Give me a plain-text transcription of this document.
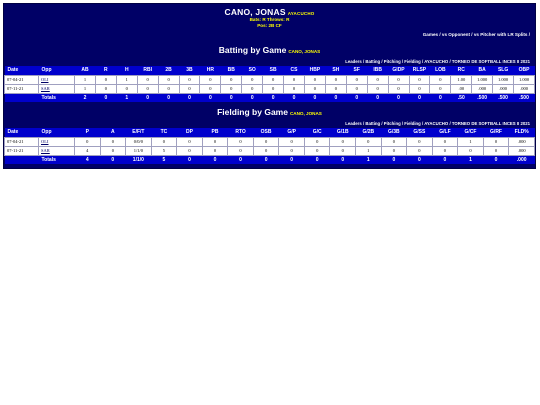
CANO, JONAS AYACUCHO
Bats: R Throws: R
Pos: 2B CF
Games / vs Opponent / vs Pitcher with LR Splits /
Batting by Game CANO, JONAS
Leaders / Batting / Pitching / Fielding / AYACUCHO / TORNEO DE SOFTBALL INCES II 2021
Date	Opp	AB	R	H	RBI	2B	3B	HR	BB	SO	SB	CS	HBP	SH	SF	IBB	GIDP	RLSP	LOB	RC	BA	SLG	OBP
07-04-21	OLI	1	0	1	0	0	0	0	0	0	0	0	0	0	0	0	0	0	0	1.00	1.000	1.000	1.000
07-11-21	SAR	1	0	0	0	0	0	0	0	0	0	0	0	0	0	0	0	0	0	.00	.000	.000	.000
	Totals	2	0	1	0	0	0	0	0	0	0	0	0	0	0	0	0	0	0	.50	.500	.500	.500
Fielding by Game CANO, JONAS
Leaders / Batting / Pitching / Fielding / AYACUCHO / TORNEO DE SOFTBALL INCES II 2021
Date	Opp	P	A	E/F/T	TC	DP	PB	RTO	OSB	G/P	G/C	G/1B	G/2B	G/3B	G/SS	G/LF	G/CF	G/RF	FLD%
07-04-21	OLI	0	0	0/0/0	0	0	0	0	0	0	0	0	0	0	0	0	1	0	.000
07-11-21	SAR	4	0	1/1/0	5	0	0	0	0	0	0	0	1	0	0	0	0	0	.000
	Totals	4	0	1/1/0	5	0	0	0	0	0	0	0	1	0	0	0	1	0	.000
